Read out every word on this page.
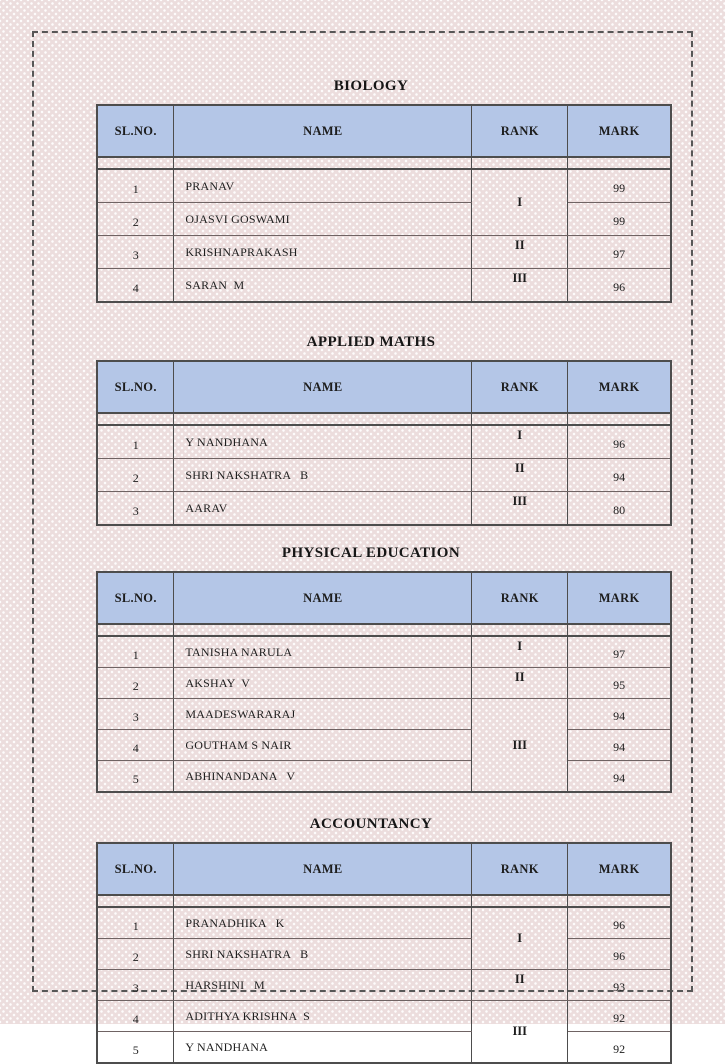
BIOLOGY
SL.NO.	NAME	RANK	MARK

1	PRANAV	I	99
2	OJASVI GOSWAMI		99
3	KRISHNAPRAKASH	II	97
4	SARAN  M	III	96
APPLIED MATHS
SL.NO.	NAME	RANK	MARK

1	Y NANDHANA	I	96
2	SHRI NAKSHATRA   B	II	94
3	AARAV	III	80
PHYSICAL EDUCATION
SL.NO.	NAME	RANK	MARK

1	TANISHA NARULA	I	97
2	AKSHAY  V	II	95
3	MAADESWARARAJ	III	94
4	GOUTHAM S NAIR		94
5	ABHINANDANA   V		94
ACCOUNTANCY
SL.NO.	NAME	RANK	MARK

1	PRANADHIKA   K	I	96
2	SHRI NAKSHATRA   B		96
3	HARSHINI   M	II	93
4	ADITHYA KRISHNA  S	III	92
5	Y NANDHANA		92
